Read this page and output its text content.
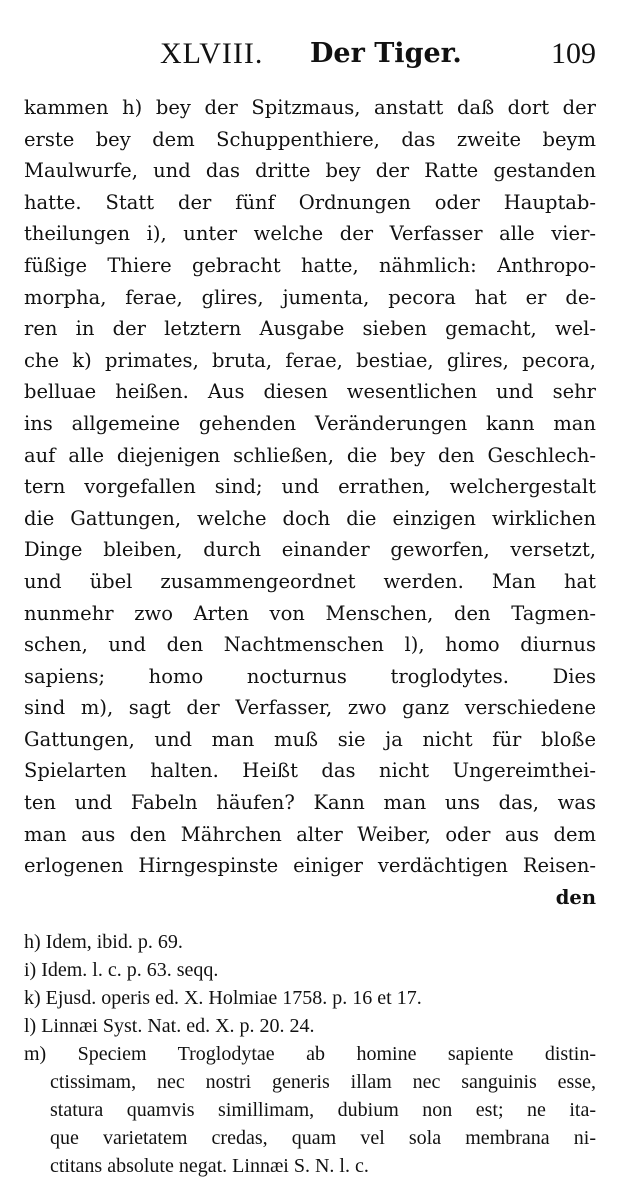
XLVIII. Der Tiger.	109
kammen h) bey der Spitzmaus, anstatt daß dort der
erste bey dem Schuppenthiere, das zweite beym
Maulwurfe, und das dritte bey der Ratte gestanden
hatte. Statt der fünf Ordnungen oder Hauptab-
theilungen i), unter welche der Verfasser alle vier-
füßige Thiere gebracht hatte, nähmlich: Anthropo-
morpha, ferae, glires, jumenta, pecora hat er de-
ren in der letztern Ausgabe sieben gemacht, wel-
che k) primates, bruta, ferae, bestiae, glires, pecora,
belluae heißen. Aus diesen wesentlichen und sehr
ins allgemeine gehenden Veränderungen kann man
auf alle diejenigen schließen, die bey den Geschlech-
tern vorgefallen sind; und errathen, welchergestalt
die Gattungen, welche doch die einzigen wirklichen
Dinge bleiben, durch einander geworfen, versetzt,
und übel zusammengeordnet werden. Man hat
nunmehr zwo Arten von Menschen, den Tagmen-
schen, und den Nachtmenschen l), homo diurnus
sapiens; homo nocturnus troglodytes. Dies
sind m), sagt der Verfasser, zwo ganz verschiedene
Gattungen, und man muß sie ja nicht für bloße
Spielarten halten. Heißt das nicht Ungereimthei-
ten und Fabeln häufen? Kann man uns das, was
man aus den Mährchen alter Weiber, oder aus dem
erlogenen Hirngespinste einiger verdächtigen Reisen-
den
h) Idem, ibid. p. 69.
i) Idem. l. c. p. 63. seqq.
k) Ejusd. operis ed. X. Holmiae 1758. p. 16 et 17.
l) Linnæi Syst. Nat. ed. X. p. 20. 24.
m) Speciem Troglodytae ab homine sapiente distin-
ctissimam, nec nostri generis illam nec sanguinis esse,
statura quamvis simillimam, dubium non est; ne ita-
que varietatem credas, quam vel sola membrana ni-
ctitans absolute negat. Linnæi S. N. l. c.
